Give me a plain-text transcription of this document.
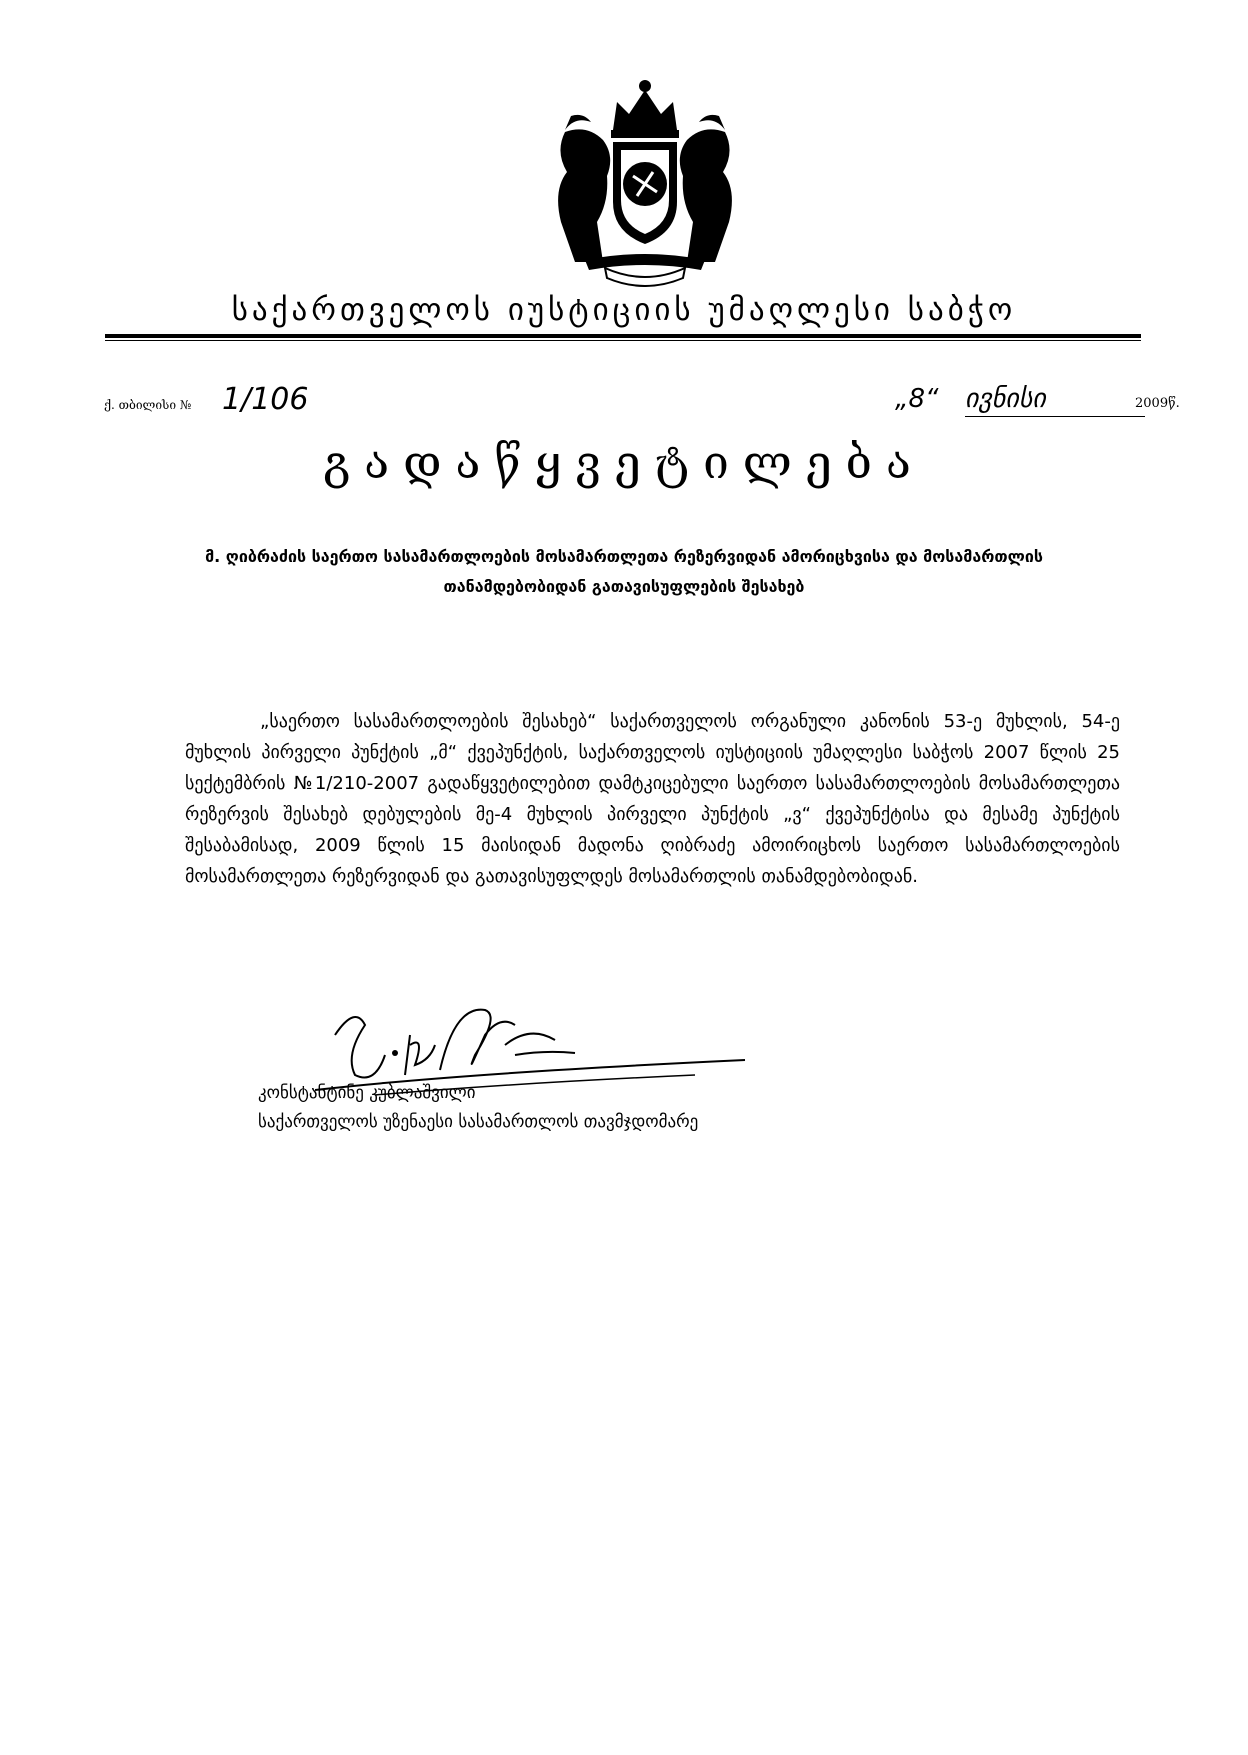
საქართველოს იუსტიციის უმაღლესი საბჭო
ქ. თბილისი № 1/106	„8“ ივნისი	2009წ.
გადაწყვეტილება
მ. ღიბრაძის საერთო სასამართლოების მოსამართლეთა რეზერვიდან ამორიცხვისა და მოსამართლის თანამდებობიდან გათავისუფლების შესახებ
„საერთო სასამართლოების შესახებ“ საქართველოს ორგანული კანონის 53-ე მუხლის, 54-ე მუხლის პირველი პუნქტის „მ“ ქვეპუნქტის, საქართველოს იუსტიციის უმაღლესი საბჭოს 2007 წლის 25 სექტემბრის №1/210-2007 გადაწყვეტილებით დამტკიცებული საერთო სასამართლოების მოსამართლეთა რეზერვის შესახებ დებულების მე-4 მუხლის პირველი პუნქტის „ვ“ ქვეპუნქტისა და მესამე პუნქტის შესაბამისად, 2009 წლის 15 მაისიდან მადონა ღიბრაძე ამოირიცხოს საერთო სასამართლოების მოსამართლეთა რეზერვიდან და გათავისუფლდეს მოსამართლის თანამდებობიდან.
კონსტანტინე კუბლაშვილი
საქართველოს უზენაესი სასამართლოს თავმჯდომარე
